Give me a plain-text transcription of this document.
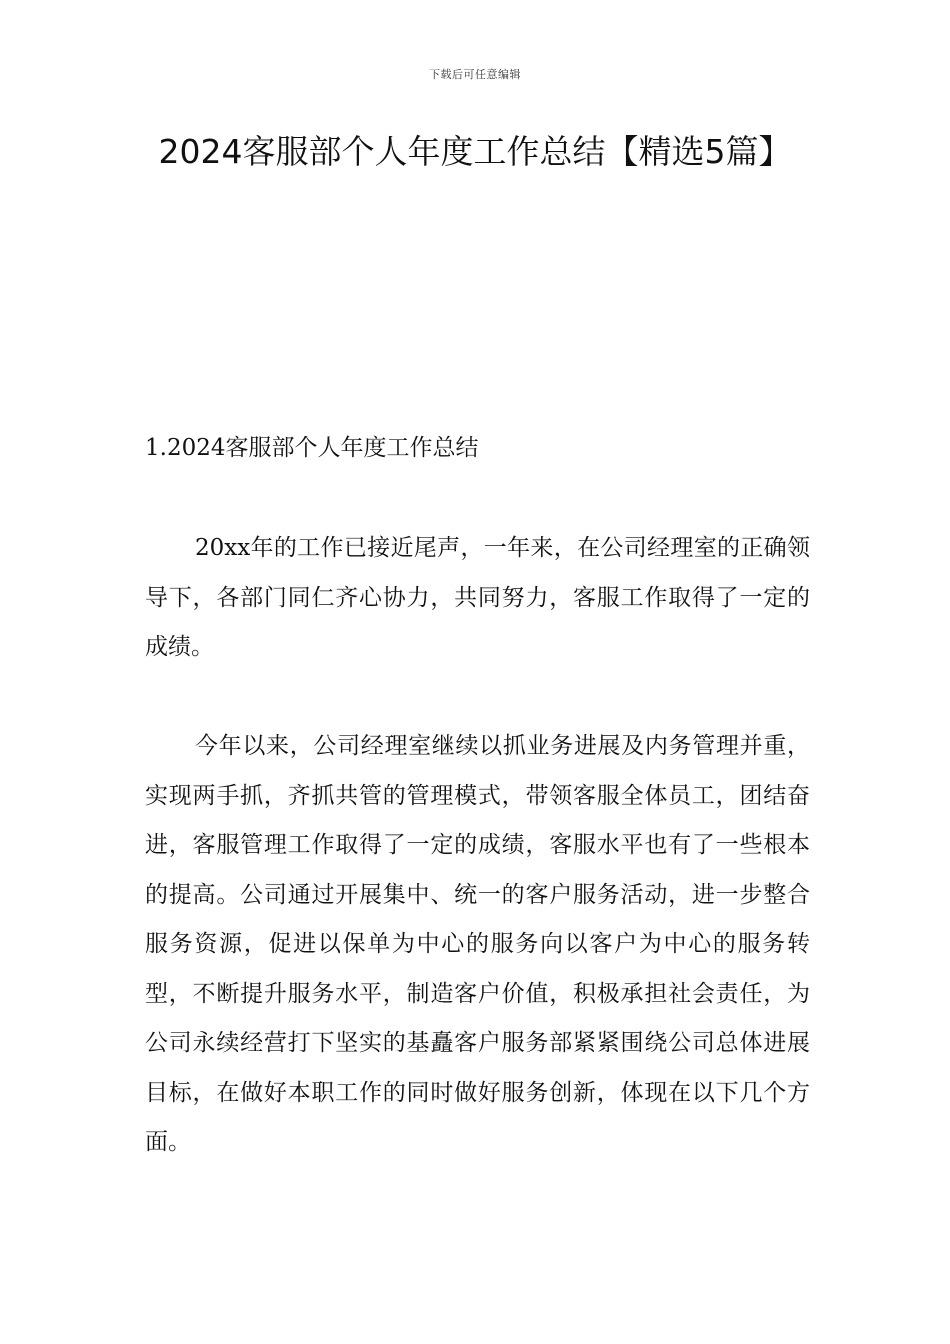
下载后可任意编辑
2024客服部个人年度工作总结【精选5篇】
1.2024客服部个人年度工作总结

20xx年的工作已接近尾声，一年来，在公司经理室的正确领导下，各部门同仁齐心协力，共同努力，客服工作取得了一定的成绩。

今年以来，公司经理室继续以抓业务进展及内务管理并重，实现两手抓，齐抓共管的管理模式，带领客服全体员工，团结奋进，客服管理工作取得了一定的成绩，客服水平也有了一些根本的提高。公司通过开展集中、统一的客户服务活动，进一步整合服务资源，促进以保单为中心的服务向以客户为中心的服务转型，不断提升服务水平，制造客户价值，积极承担社会责任，为公司永续经营打下坚实的基矗客户服务部紧紧围绕公司总体进展目标，在做好本职工作的同时做好服务创新，体现在以下几个方面。
